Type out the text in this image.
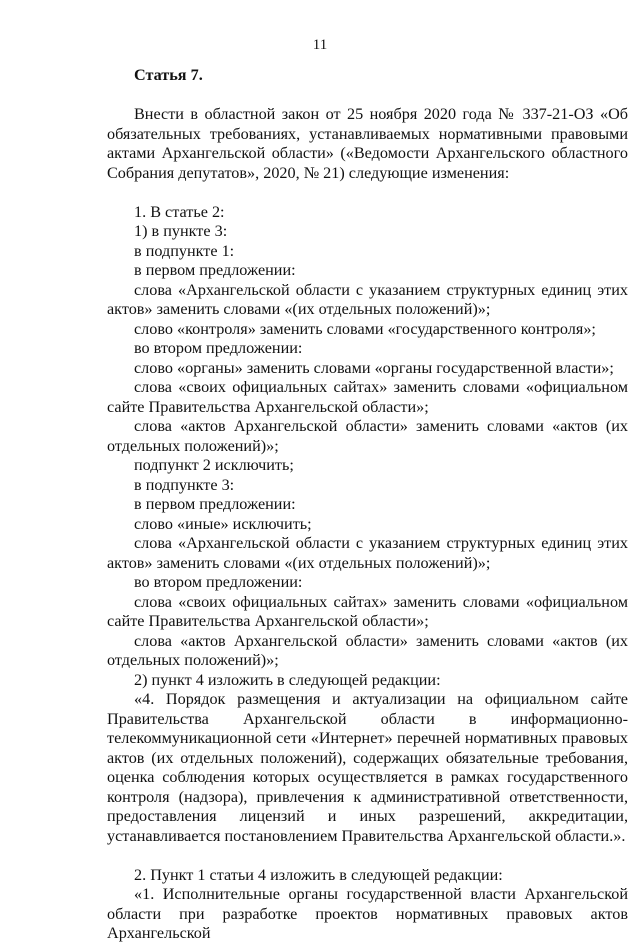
11

Статья 7.

Внести в областной закон от 25 ноября 2020 года № 337-21-ОЗ «Об обязательных требованиях, устанавливаемых нормативными правовыми актами Архангельской области» («Ведомости Архангельского областного Собрания депутатов», 2020, № 21) следующие изменения:

1. В статье 2:

1) в пункте 3:

в подпункте 1:

в первом предложении:

слова «Архангельской области с указанием структурных единиц этих актов» заменить словами «(их отдельных положений)»;

слово «контроля» заменить словами «государственного контроля»;

во втором предложении:

слово «органы» заменить словами «органы государственной власти»;

слова «своих официальных сайтах» заменить словами «официальном сайте Правительства Архангельской области»;

слова «актов Архангельской области» заменить словами «актов (их отдельных положений)»;

подпункт 2 исключить;

в подпункте 3:

в первом предложении:

слово «иные» исключить;

слова «Архангельской области с указанием структурных единиц этих актов» заменить словами «(их отдельных положений)»;

во втором предложении:

слова «своих официальных сайтах» заменить словами «официальном сайте Правительства Архангельской области»;

слова «актов Архангельской области» заменить словами «актов (их отдельных положений)»;

2) пункт 4 изложить в следующей редакции:

«4. Порядок размещения и актуализации на официальном сайте Правительства Архангельской области в информационно-телекоммуникационной сети «Интернет» перечней нормативных правовых актов (их отдельных положений), содержащих обязательные требования, оценка соблюдения которых осуществляется в рамках государственного контроля (надзора), привлечения к административной ответственности, предоставления лицензий и иных разрешений, аккредитации, устанавливается постановлением Правительства Архангельской области.».

2. Пункт 1 статьи 4 изложить в следующей редакции:

«1. Исполнительные органы государственной власти Архангельской области при разработке проектов нормативных правовых актов Архангельской
